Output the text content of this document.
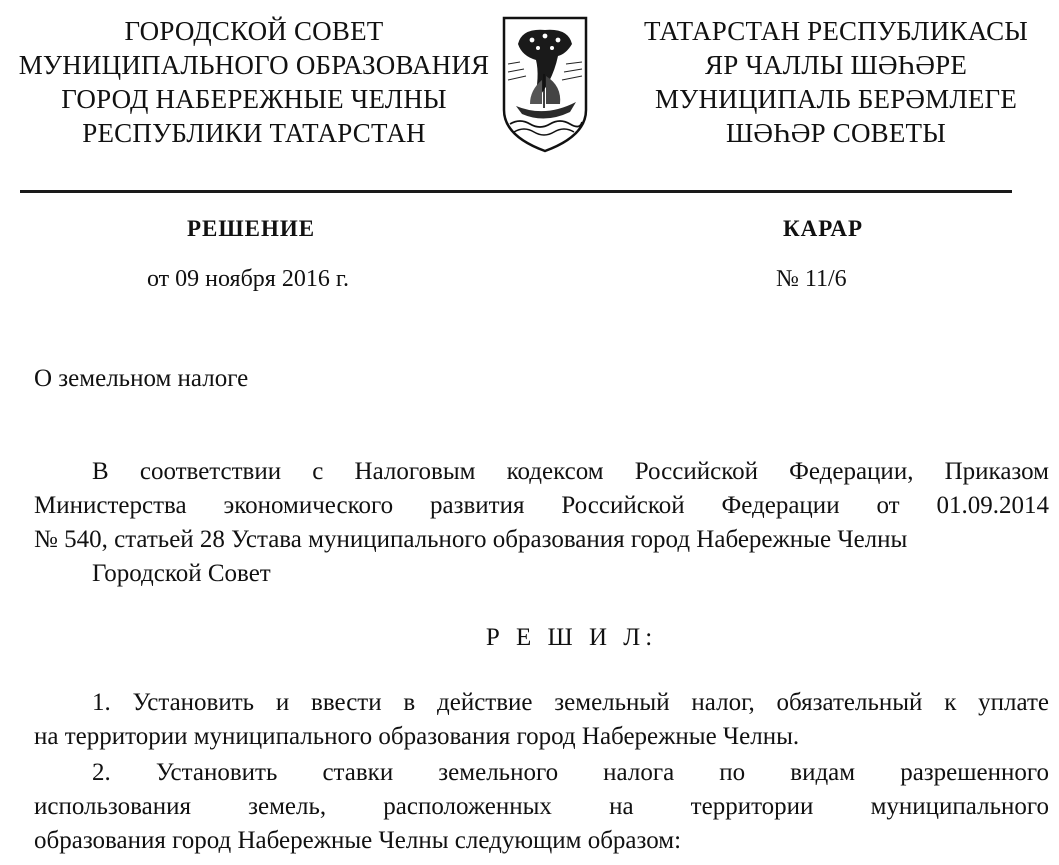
ГОРОДСКОЙ СОВЕТ
МУНИЦИПАЛЬНОГО ОБРАЗОВАНИЯ
ГОРОД НАБЕРЕЖНЫЕ ЧЕЛНЫ
РЕСПУБЛИКИ ТАТАРСТАН
ТАТАРСТАН РЕСПУБЛИКАСЫ
ЯР ЧАЛЛЫ ШӘҺӘРЕ
МУНИЦИПАЛЬ БЕРӘМЛЕГЕ
ШӘҺӘР СОВЕТЫ
РЕШЕНИЕ	КАРАР
от 09 ноября 2016 г.	№ 11/6
О земельном налоге
В соответствии с Налоговым кодексом Российской Федерации, Приказом
Министерства экономического развития Российской Федерации от 01.09.2014
№ 540, статьей 28 Устава муниципального образования город Набережные Челны
Городской Совет
Р Е Ш И Л:
1. Установить и ввести в действие земельный налог, обязательный к уплате
на территории муниципального образования город Набережные Челны.
2. Установить ставки земельного налога по видам разрешенного
использования земель, расположенных на территории муниципального
образования город Набережные Челны следующим образом:
